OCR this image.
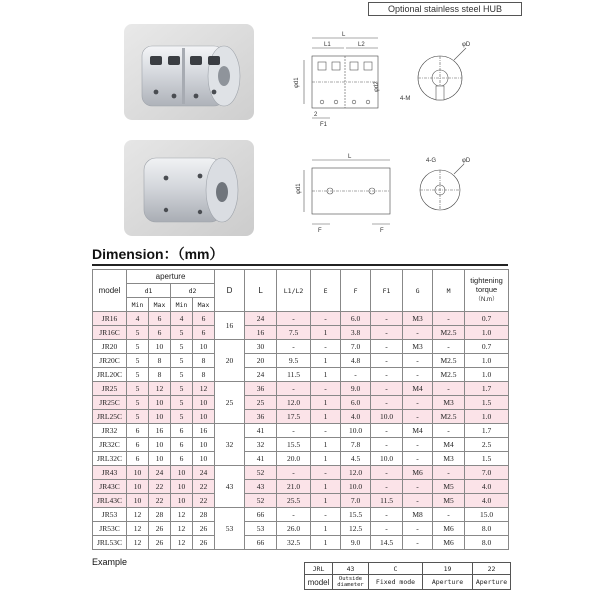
Optional stainless steel HUB
L
L1	L2
φd1	φd2
2
F1
φD
4-M
L
φd1
F	F
φD
4-G
Dimension：（mm）
model	aperture				D	L	L1/L2	E	F	F1	G	M	tightening torque
（N.m）
	d1		d2										
	Min	Max	Min	Max									
JR16	4	6	4	6	16	24	-	-	6.0	-	M3	-	0.7
JR16C	5	6	5	6		16	7.5	1	3.8	-	-	M2.5	1.0
JR20	5	10	5	10	20	30	-	-	7.0	-	M3	-	0.7
JR20C	5	8	5	8		20	9.5	1	4.8	-	-	M2.5	1.0
JRL20C	5	8	5	8		24	11.5	1	-	-	-	M2.5	1.0
JR25	5	12	5	12	25	36	-	-	9.0	-	M4	-	1.7
JR25C	5	10	5	10		25	12.0	1	6.0	-	-	M3	1.5
JRL25C	5	10	5	10		36	17.5	1	4.0	10.0	-	M2.5	1.0
JR32	6	16	6	16	32	41	-	-	10.0	-	M4	-	1.7
JR32C	6	10	6	10		32	15.5	1	7.8	-	-	M4	2.5
JRL32C	6	10	6	10		41	20.0	1	4.5	10.0	-	M3	1.5
JR43	10	24	10	24	43	52	-	-	12.0	-	M6	-	7.0
JR43C	10	22	10	22		43	21.0	1	10.0	-	-	M5	4.0
JRL43C	10	22	10	22		52	25.5	1	7.0	11.5	-	M5	4.0
JR53	12	28	12	28	53	66	-	-	15.5	-	M8	-	15.0
JR53C	12	26	12	26		53	26.0	1	12.5	-	-	M6	8.0
JRL53C	12	26	12	26		66	32.5	1	9.0	14.5	-	M6	8.0
Example
JRL	43	C	19	22
model	Outside diameter	Fixed mode	Aperture	Aperture
